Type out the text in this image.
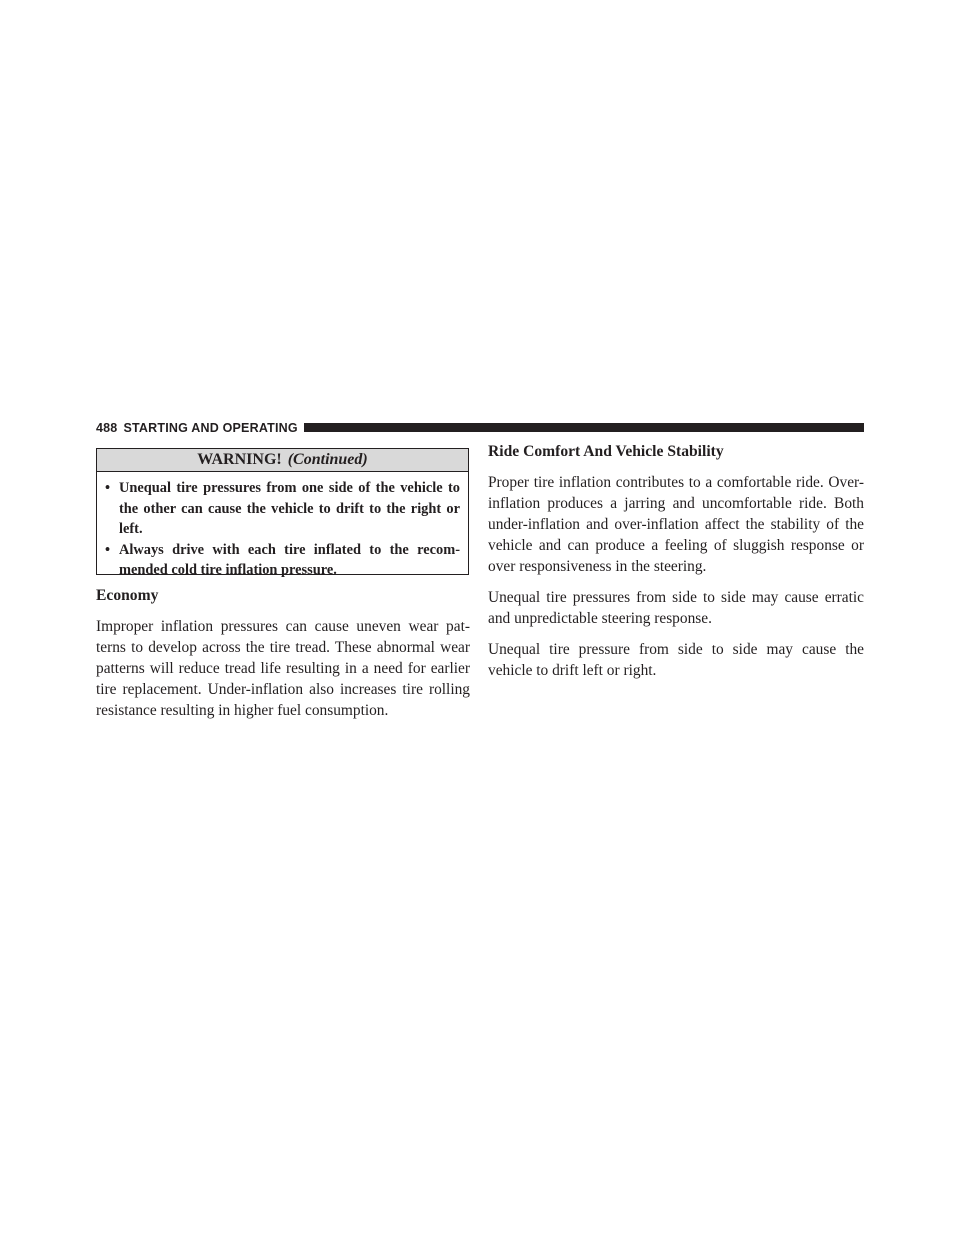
488 STARTING AND OPERATING
WARNING! (Continued)
• Unequal tire pressures from one side of the vehicle to the other can cause the vehicle to drift to the right or left.
• Always drive with each tire inflated to the recom-mended cold tire inflation pressure.
Economy

Improper inflation pressures can cause uneven wear pat-terns to develop across the tire tread. These abnormal wear patterns will reduce tread life resulting in a need for earlier tire replacement. Under-inflation also increases tire rolling resistance resulting in higher fuel consumption.

Ride Comfort And Vehicle Stability

Proper tire inflation contributes to a comfortable ride. Over-inflation produces a jarring and uncomfortable ride. Both under-inflation and over-inflation affect the stability of the vehicle and can produce a feeling of sluggish response or over responsiveness in the steering.

Unequal tire pressures from side to side may cause erratic and unpredictable steering response.

Unequal tire pressure from side to side may cause the vehicle to drift left or right.
